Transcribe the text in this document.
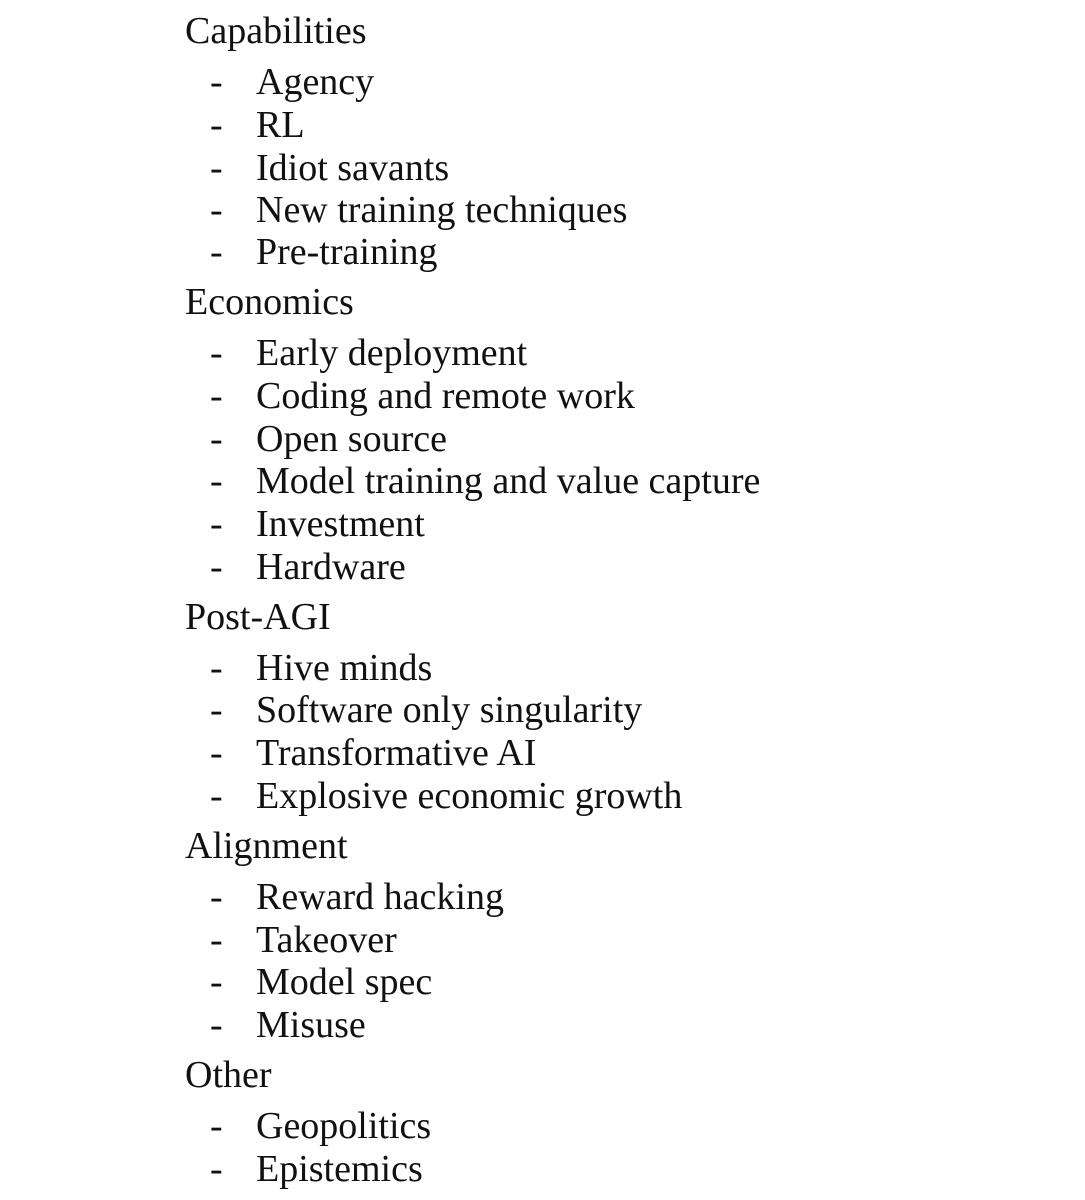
Capabilities
- Agency
- RL
- Idiot savants
- New training techniques
- Pre-training
Economics
- Early deployment
- Coding and remote work
- Open source
- Model training and value capture
- Investment
- Hardware
Post-AGI
- Hive minds
- Software only singularity
- Transformative AI
- Explosive economic growth
Alignment
- Reward hacking
- Takeover
- Model spec
- Misuse
Other
- Geopolitics
- Epistemics
